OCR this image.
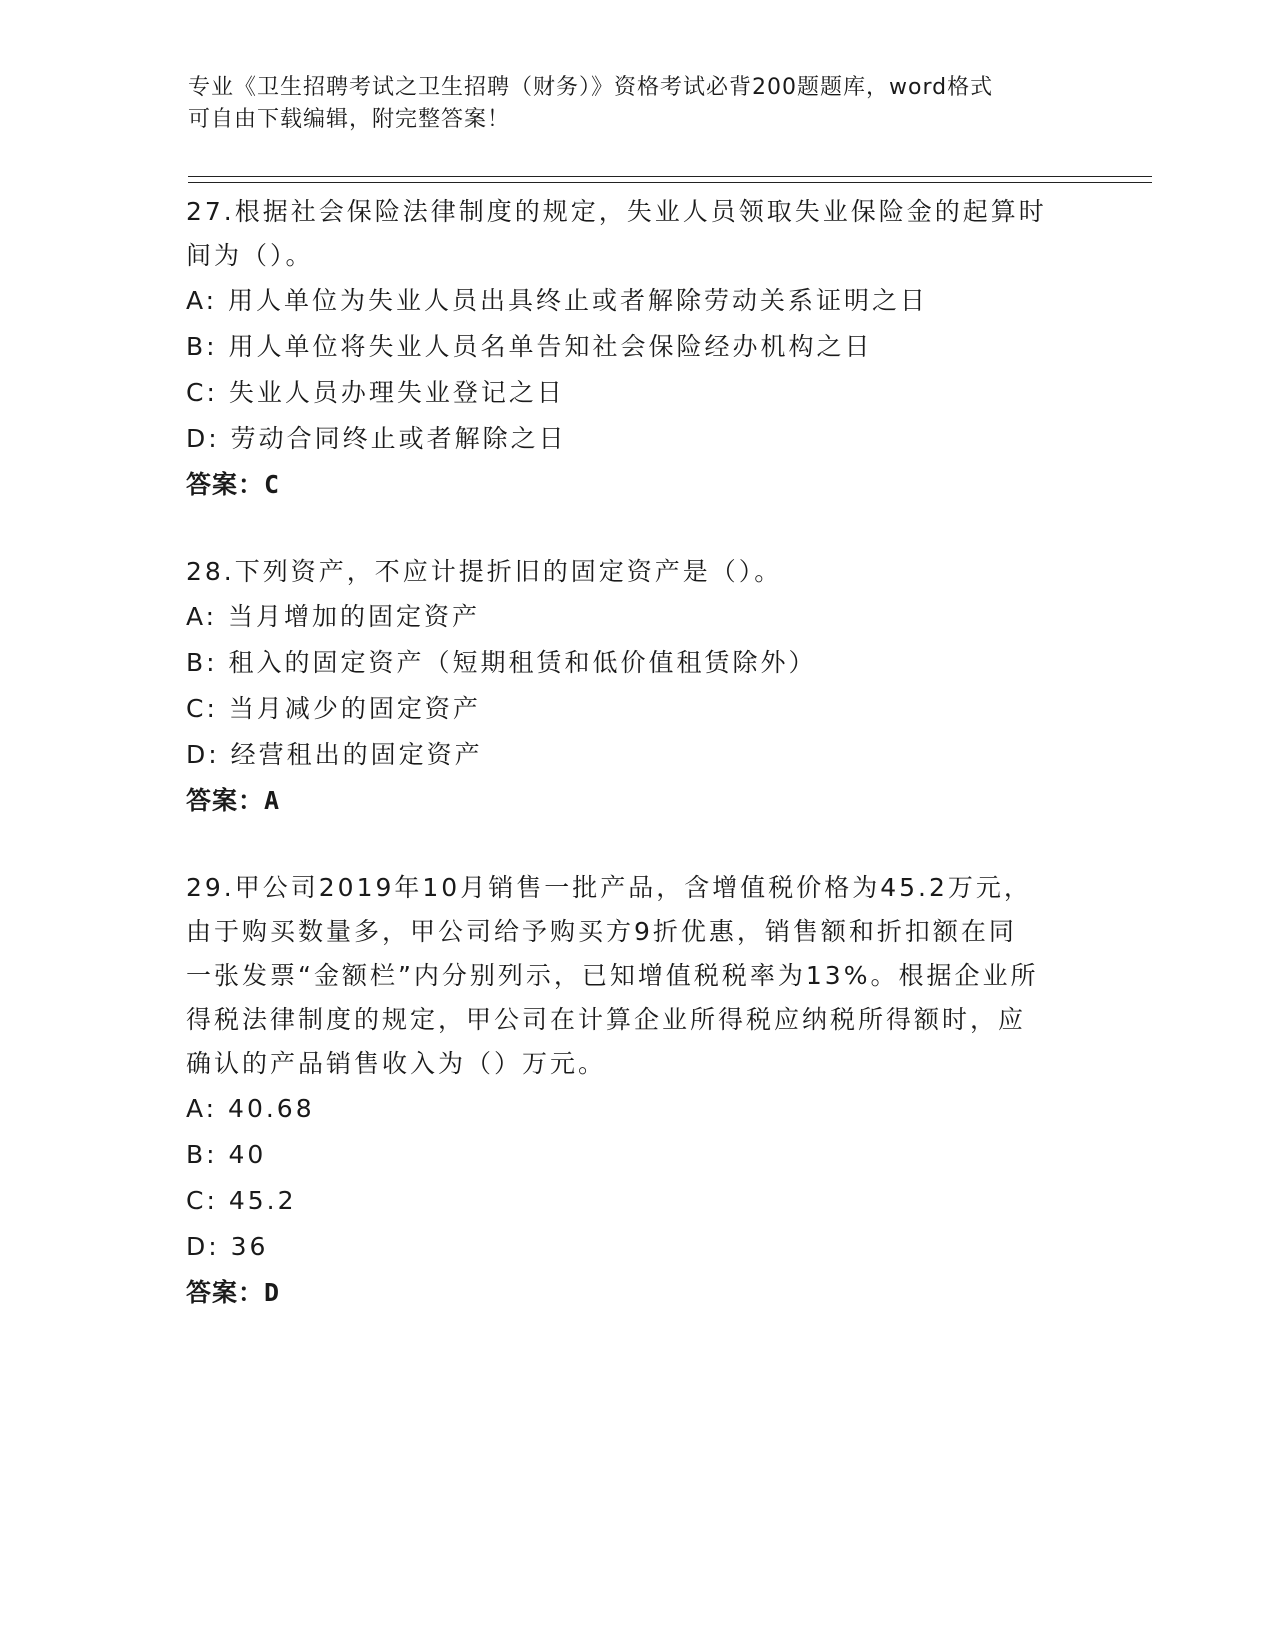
专业《卫生招聘考试之卫生招聘（财务）》资格考试必背200题题库，word格式
可自由下载编辑，附完整答案！
27.根据社会保险法律制度的规定，失业人员领取失业保险金的起算时
间为（）。
A: 用人单位为失业人员出具终止或者解除劳动关系证明之日
B: 用人单位将失业人员名单告知社会保险经办机构之日
C: 失业人员办理失业登记之日
D: 劳动合同终止或者解除之日
答案：C
28.下列资产，不应计提折旧的固定资产是（）。
A: 当月增加的固定资产
B: 租入的固定资产（短期租赁和低价值租赁除外）
C: 当月减少的固定资产
D: 经营租出的固定资产
答案：A
29.甲公司2019年10月销售一批产品，含增值税价格为45.2万元，
由于购买数量多，甲公司给予购买方9折优惠，销售额和折扣额在同
一张发票“金额栏”内分别列示，已知增值税税率为13%。根据企业所
得税法律制度的规定，甲公司在计算企业所得税应纳税所得额时，应
确认的产品销售收入为（）万元。
A: 40.68
B: 40
C: 45.2
D: 36
答案：D
